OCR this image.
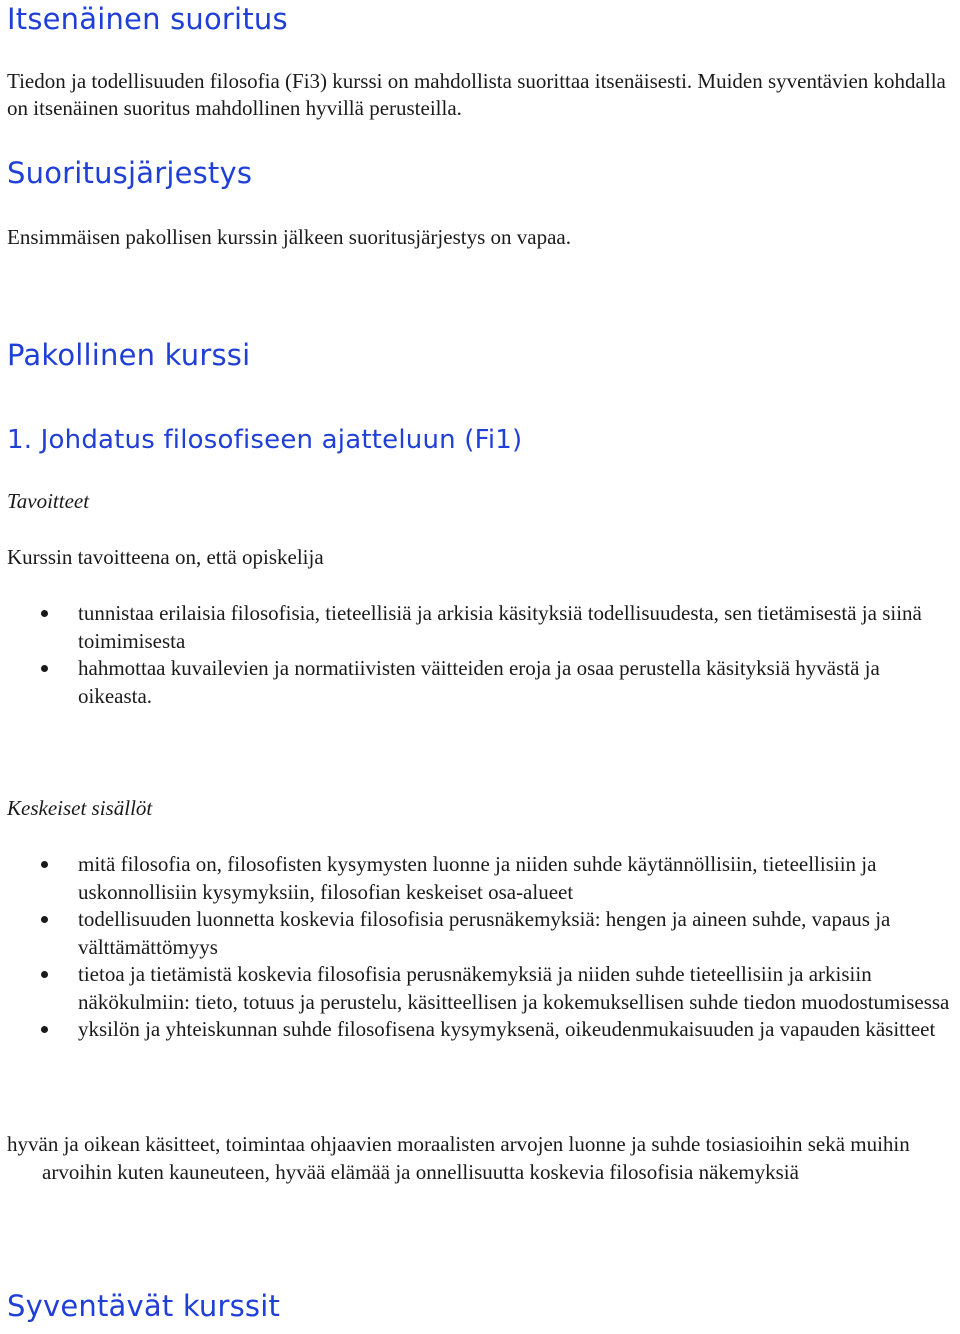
Itsenäinen suoritus

Tiedon ja todellisuuden filosofia (Fi3) kurssi on mahdollista suorittaa itsenäisesti. Muiden syventävien kohdalla on itsenäinen suoritus mahdollinen hyvillä perusteilla.

Suoritusjärjestys

Ensimmäisen pakollisen kurssin jälkeen suoritusjärjestys on vapaa.

Pakollinen kurssi
1. Johdatus filosofiseen ajatteluun (Fi1)

Tavoitteet

Kurssin tavoitteena on, että opiskelija

tunnistaa erilaisia filosofisia, tieteellisiä ja arkisia käsityksiä todellisuudesta, sen tietämisestä ja siinä toimimisesta
hahmottaa kuvailevien ja normatiivisten väitteiden eroja ja osaa perustella käsityksiä hyvästä ja oikeasta.

Keskeiset sisällöt

mitä filosofia on, filosofisten kysymysten luonne ja niiden suhde käytännöllisiin, tieteellisiin ja uskonnollisiin kysymyksiin, filosofian keskeiset osa-alueet
todellisuuden luonnetta koskevia filosofisia perusnäkemyksiä: hengen ja aineen suhde, vapaus ja välttämättömyys
tietoa ja tietämistä koskevia filosofisia perusnäkemyksiä ja niiden suhde tieteellisiin ja arkisiin näkökulmiin: tieto, totuus ja perustelu, käsitteellisen ja kokemuksellisen suhde tiedon muodostumisessa
yksilön ja yhteiskunnan suhde filosofisena kysymyksenä, oikeudenmukaisuuden ja vapauden käsitteet

hyvän ja oikean käsitteet, toimintaa ohjaavien moraalisten arvojen luonne ja suhde tosiasioihin sekä muihin arvoihin kuten kauneuteen, hyvää elämää ja onnellisuutta koskevia filosofisia näkemyksiä

Syventävät kurssit
